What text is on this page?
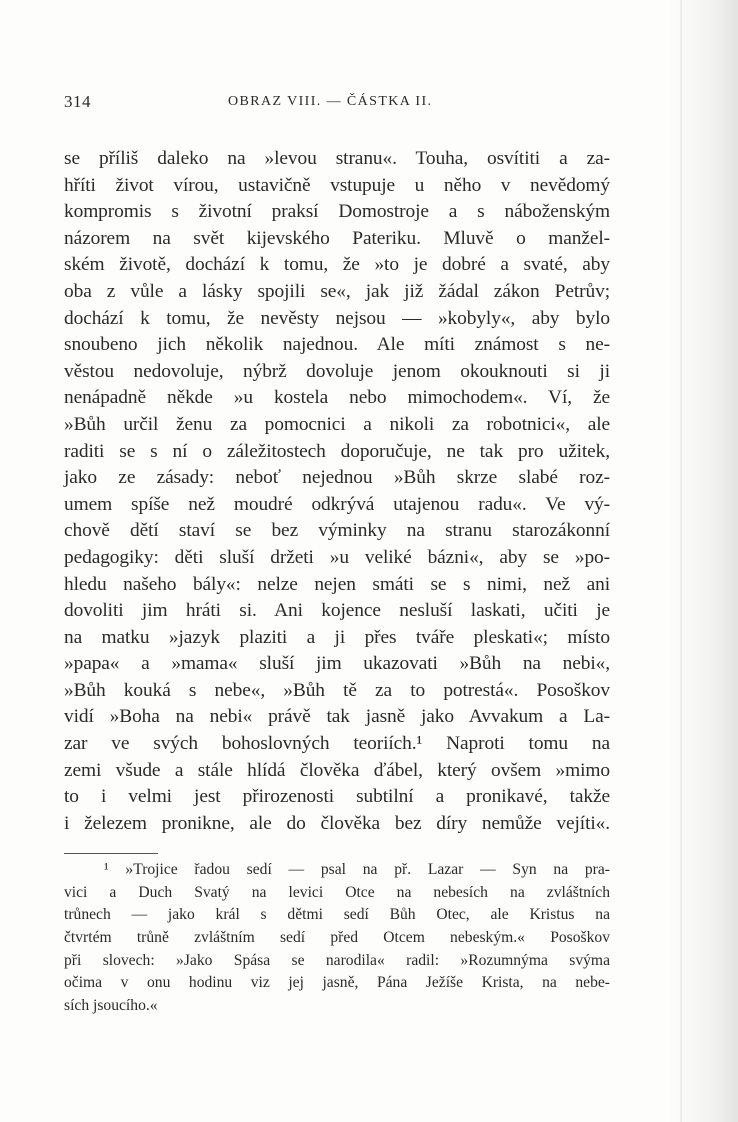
314	OBRAZ VIII. — ČÁSTKA II.
se příliš daleko na »levou stranu«. Touha, osvítiti a za-
hříti život vírou, ustavičně vstupuje u něho v nevědomý
kompromis s životní praksí Domostroje a s náboženským
názorem na svět kijevského Pateriku. Mluvě o manžel-
ském životě, dochází k tomu, že »to je dobré a svaté, aby
oba z vůle a lásky spojili se«, jak již žádal zákon Petrův;
dochází k tomu, že nevěsty nejsou — »kobyly«, aby bylo
snoubeno jich několik najednou. Ale míti známost s ne-
věstou nedovoluje, nýbrž dovoluje jenom okouknouti si ji
nenápadně někde »u kostela nebo mimochodem«. Ví, že
»Bůh určil ženu za pomocnici a nikoli za robotnici«, ale
raditi se s ní o záležitostech doporučuje, ne tak pro užitek,
jako ze zásady: neboť nejednou »Bůh skrze slabé roz-
umem spíše než moudré odkrývá utajenou radu«. Ve vý-
chově dětí staví se bez výminky na stranu starozákonní
pedagogiky: děti sluší držeti »u veliké bázni«, aby se »po-
hledu našeho bály«: nelze nejen smáti se s nimi, než ani
dovoliti jim hráti si. Ani kojence nesluší laskati, učiti je
na matku »jazyk plaziti a ji přes tváře pleskati«; místo
»papa« a »mama« sluší jim ukazovati »Bůh na nebi«,
»Bůh kouká s nebe«, »Bůh tě za to potrestá«. Posoškov
vidí »Boha na nebi« právě tak jasně jako Avvakum a La-
zar ve svých bohoslovných teoriích.¹ Naproti tomu na
zemi všude a stále hlídá člověka ďábel, který ovšem »mimo
to i velmi jest přirozenosti subtilní a pronikavé, takže
i železem pronikne, ale do člověka bez díry nemůže vejíti«.
¹ »Trojice řadou sedí — psal na př. Lazar — Syn na pra-
vici a Duch Svatý na levici Otce na nebesích na zvláštních
trůnech — jako král s dětmi sedí Bůh Otec, ale Kristus na
čtvrtém trůně zvláštním sedí před Otcem nebeským.« Posoškov
při slovech: »Jako Spása se narodila« radil: »Rozumnýma svýma
očima v onu hodinu viz jej jasně, Pána Ježíše Krista, na nebe-
sích jsoucího.«
